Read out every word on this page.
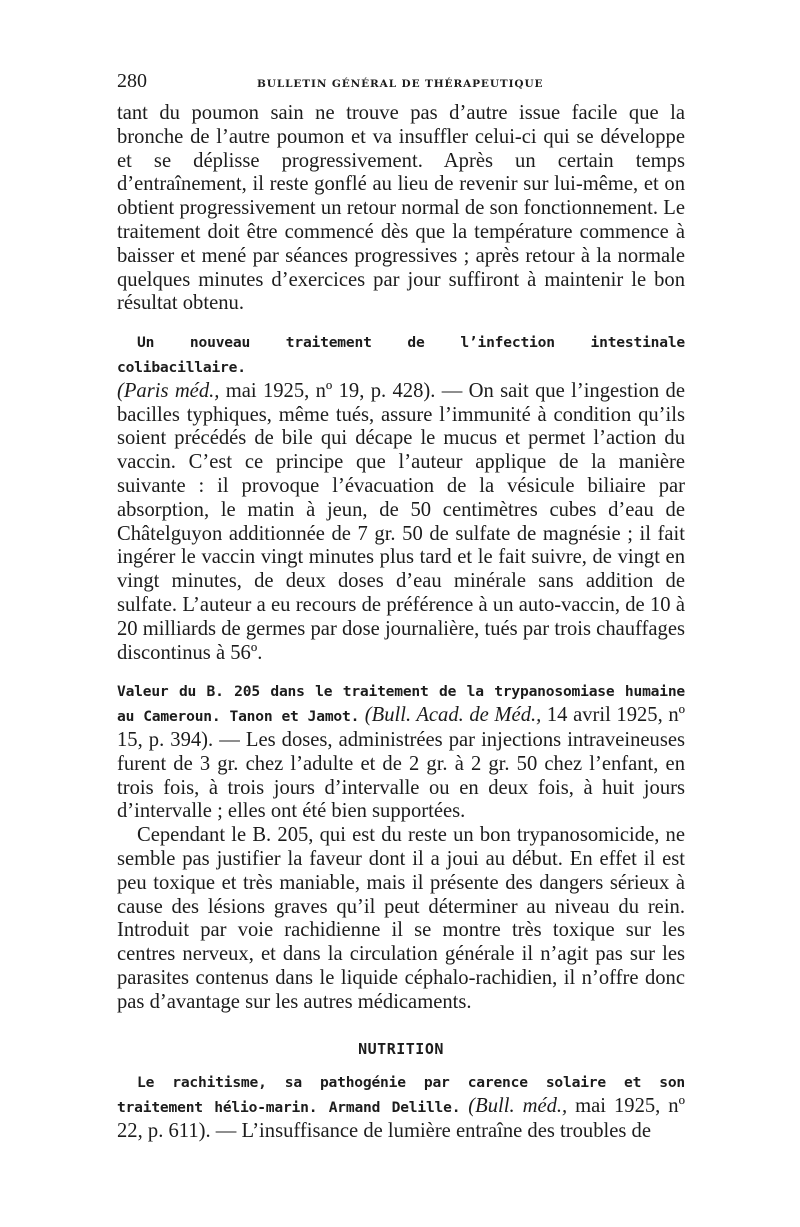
280	BULLETIN GÉNÉRAL DE THÉRAPEUTIQUE

tant du poumon sain ne trouve pas d’autre issue facile que la bronche de l’autre poumon et va insuffler celui-ci qui se développe et se déplisse progressivement. Après un certain temps d’entraînement, il reste gonflé au lieu de revenir sur lui-même, et on obtient progressivement un retour normal de son fonctionnement. Le traitement doit être commencé dès que la température commence à baisser et mené par séances progressives ; après retour à la normale quelques minutes d’exercices par jour suffiront à maintenir le bon résultat obtenu.

Un nouveau traitement de l’infection intestinale colibacillaire.
(Paris méd., mai 1925, nº 19, p. 428). — On sait que l’ingestion de bacilles typhiques, même tués, assure l’immunité à condition qu’ils soient précédés de bile qui décape le mucus et permet l’action du vaccin. C’est ce principe que l’auteur applique de la manière suivante : il provoque l’évacuation de la vésicule biliaire par absorption, le matin à jeun, de 50 centimètres cubes d’eau de Châtelguyon additionnée de 7 gr. 50 de sulfate de magnésie ; il fait ingérer le vaccin vingt minutes plus tard et le fait suivre, de vingt en vingt minutes, de deux doses d’eau minérale sans addition de sulfate. L’auteur a eu recours de préférence à un auto-vaccin, de 10 à 20 milliards de germes par dose journalière, tués par trois chauffages discontinus à 56º.

Valeur du B. 205 dans le traitement de la trypanosomiase humaine au Cameroun. Tanon et Jamot. (Bull. Acad. de Méd., 14 avril 1925, nº 15, p. 394). — Les doses, administrées par injections intraveineuses furent de 3 gr. chez l’adulte et de 2 gr. à 2 gr. 50 chez l’enfant, en trois fois, à trois jours d’intervalle ou en deux fois, à huit jours d’intervalle ; elles ont été bien supportées.

Cependant le B. 205, qui est du reste un bon trypanosomicide, ne semble pas justifier la faveur dont il a joui au début. En effet il est peu toxique et très maniable, mais il présente des dangers sérieux à cause des lésions graves qu’il peut déterminer au niveau du rein. Introduit par voie rachidienne il se montre très toxique sur les centres nerveux, et dans la circulation générale il n’agit pas sur les parasites contenus dans le liquide céphalo-rachidien, il n’offre donc pas d’avantage sur les autres médicaments.

NUTRITION

Le rachitisme, sa pathogénie par carence solaire et son traitement hélio-marin. Armand Delille. (Bull. méd., mai 1925, nº 22, p. 611). — L’insuffisance de lumière entraîne des troubles de
